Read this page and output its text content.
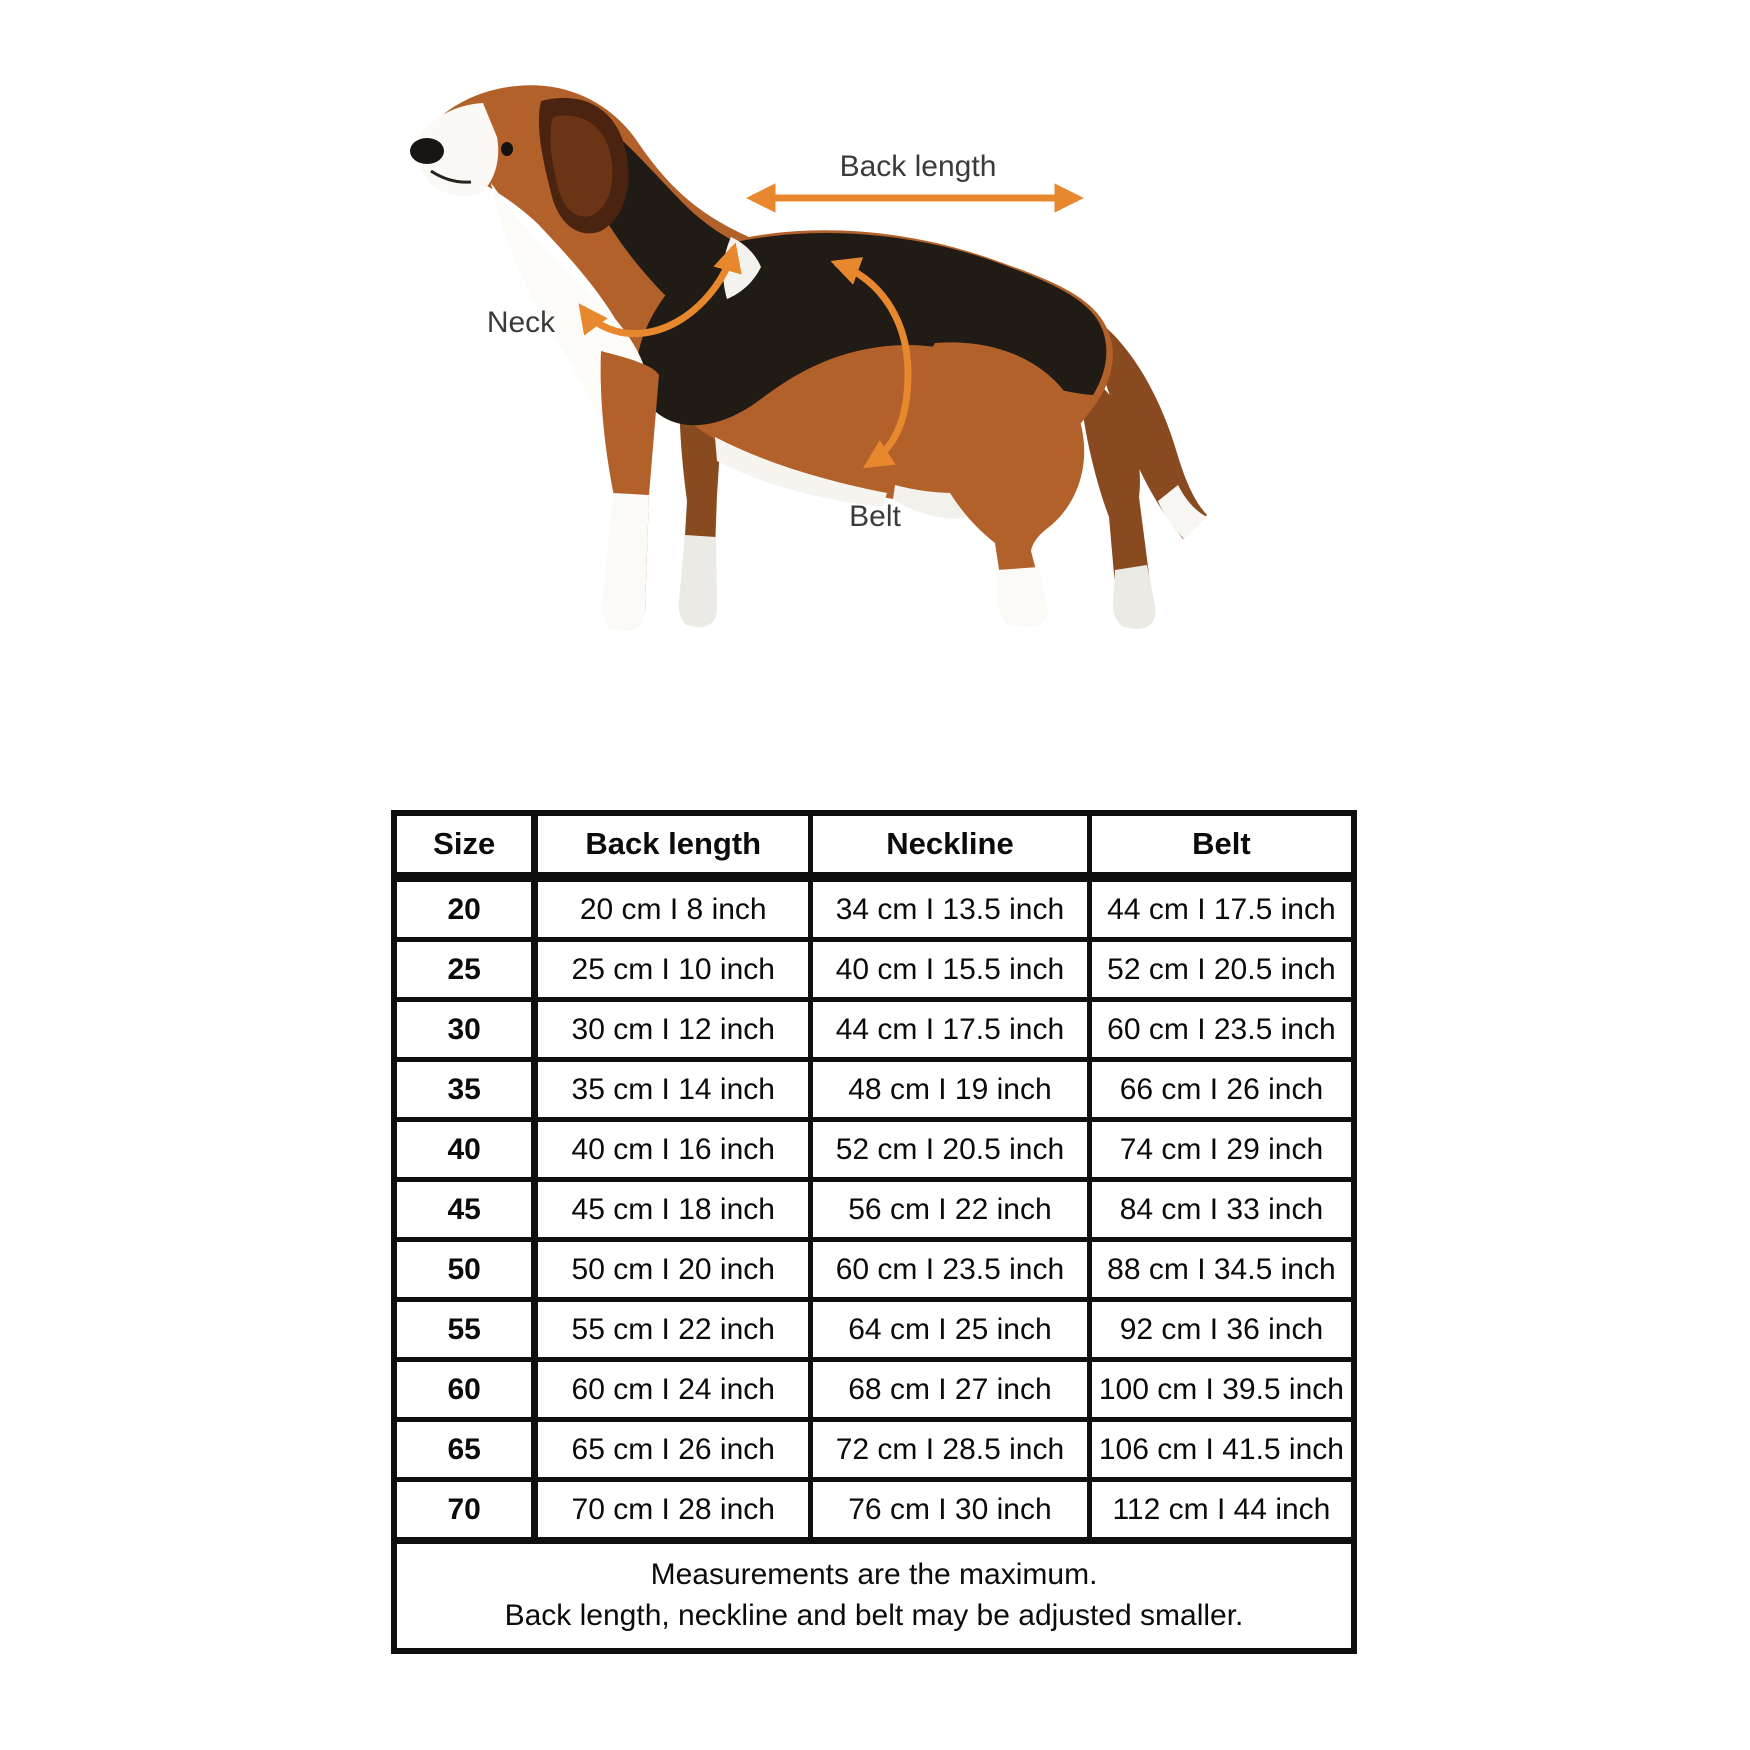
Back length
Neck
Belt
Size	Back length	Neckline	Belt
20	20 cm I 8 inch	34 cm I 13.5 inch	44 cm I 17.5 inch
25	25 cm I 10 inch	40 cm I 15.5 inch	52 cm I 20.5 inch
30	30 cm I 12 inch	44 cm I 17.5 inch	60 cm I 23.5 inch
35	35 cm I 14 inch	48 cm I 19 inch	66 cm I 26 inch
40	40 cm I 16 inch	52 cm I 20.5 inch	74 cm I 29 inch
45	45 cm I 18 inch	56 cm I 22 inch	84 cm I 33 inch
50	50 cm I 20 inch	60 cm I 23.5 inch	88 cm I 34.5 inch
55	55 cm I 22 inch	64 cm I 25 inch	92 cm I 36 inch
60	60 cm I 24 inch	68 cm I 27 inch	100 cm I 39.5 inch
65	65 cm I 26 inch	72 cm I 28.5 inch	106 cm I 41.5 inch
70	70 cm I 28 inch	76 cm I 30 inch	112 cm I 44 inch

Measurements are the maximum.
Back length, neckline and belt may be adjusted smaller.			
